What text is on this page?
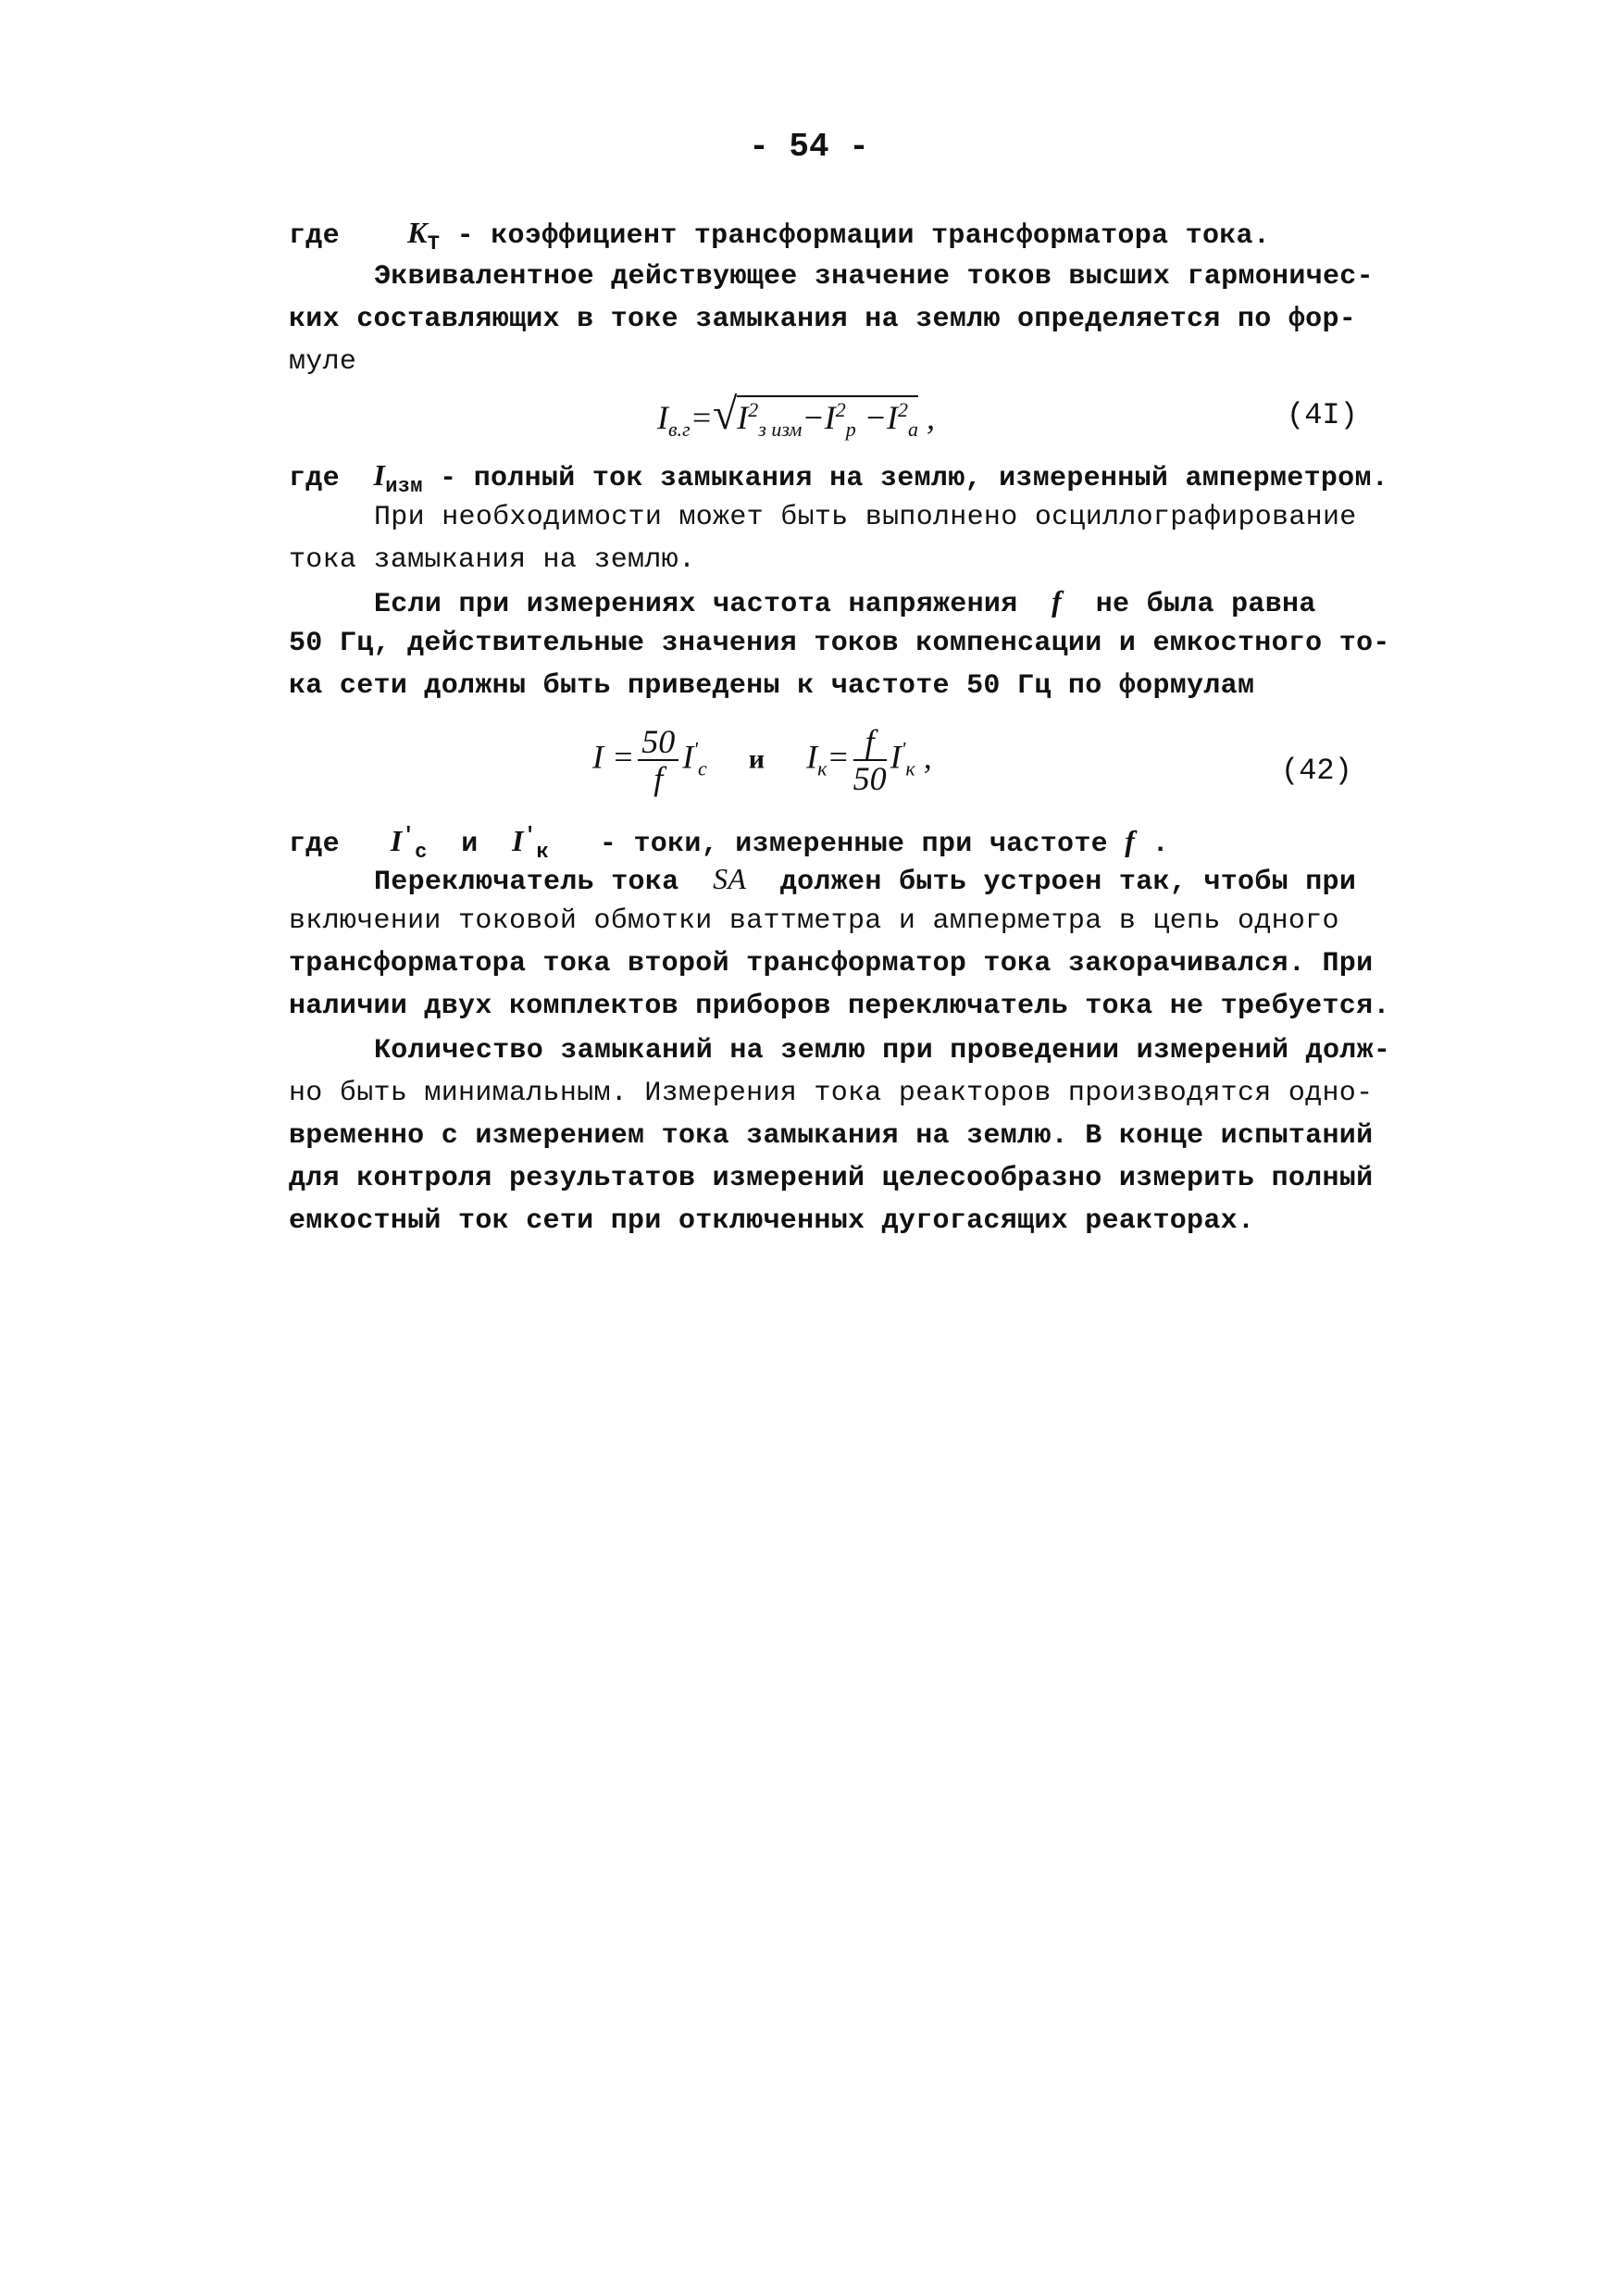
- 54 -
где $K_T$ - коэффициент трансформации трансформатора тока.
Эквивалентное действующее значение токов высших гармоничес-
ких составляющих в токе замыкания на землю определяется по фор-
муле
$I_{в.г}=√I^2_{з изм}-I^2_р -I^2_а$ ,	(4I)
где $I_{изм}$ - полный ток замыкания на землю, измеренный амперметром.
При необходимости может быть выполнено осциллографирование
тока замыкания на землю.
Если при измерениях частота напряжения f не была равна
50 Гц, действительные значения токов компенсации и емкостного то-
ка сети должны быть приведены к частоте 50 Гц по формулам
$I = \frac{50}{f} I'_c$ и $I_к= \frac{f}{50} I'_к$ ,	(42)
где $I'_c$ и $I'_к$   - токи, измеренные при частоте f .
Переключатель тока SA должен быть устроен так, чтобы при
включении токовой обмотки ваттметра и амперметра в цепь одного
трансформатора тока второй трансформатор тока закорачивался. При
наличии двух комплектов приборов переключатель тока не требуется.
Количество замыканий на землю при проведении измерений долж-
но быть минимальным. Измерения тока реакторов производятся одно-
временно с измерением тока замыкания на землю. В конце испытаний
для контроля результатов измерений целесообразно измерить полный
емкостный ток сети при отключенных дугогасящих реакторах.
